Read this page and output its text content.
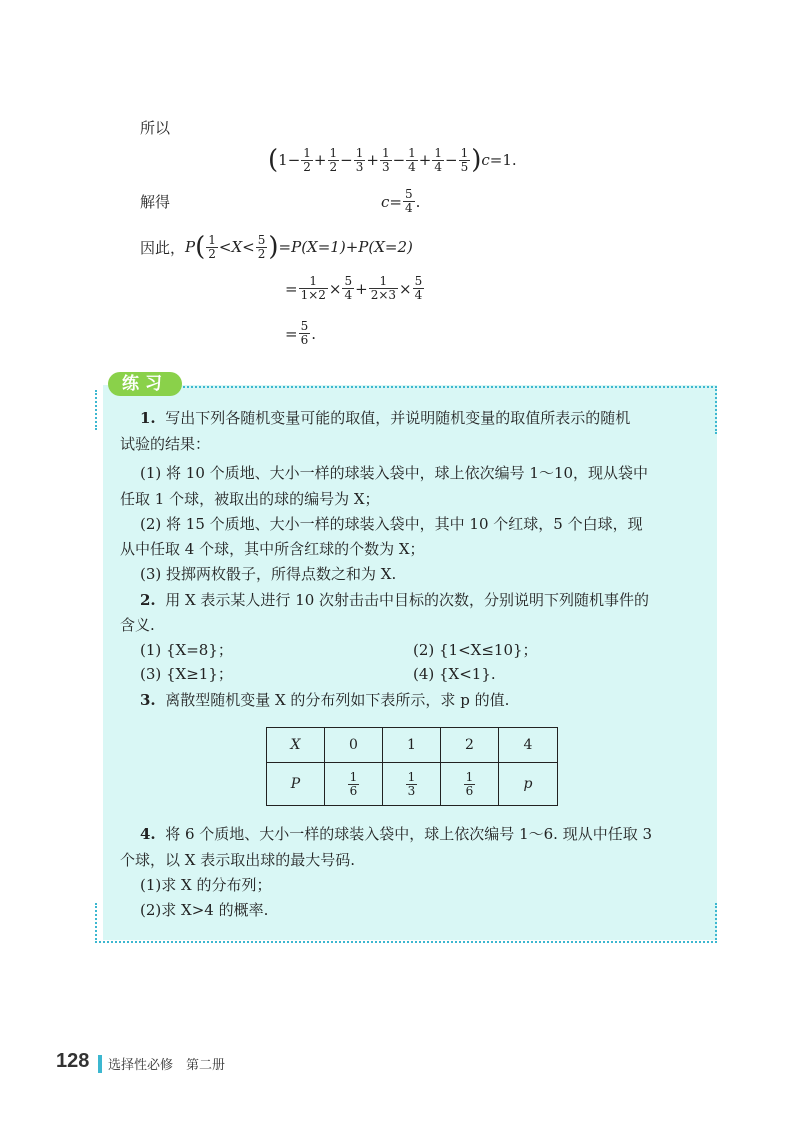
所以
( $1 - \frac{1}{2} + \frac{1}{2} - \frac{1}{3} + \frac{1}{3} - \frac{1}{4} + \frac{1}{4} - \frac{1}{5}$ ) c =1.
解得	$c = \frac{5}{4}$ .
因此， P ( $\frac{1}{2} < X < \frac{5}{2}$ ) =P(X=1)+P(X=2)
= $\frac{1}{1\times 2} \times \frac{5}{4} + \frac{1}{2\times 3} \times \frac{5}{4}$
= $\frac{5}{6}$ .
练习
1. 写出下列各随机变量可能的取值，并说明随机变量的取值所表示的随机
试验的结果：
(1) 将 10 个质地、大小一样的球装入袋中，球上依次编号 1～10，现从袋中
任取 1 个球，被取出的球的编号为 X；
(2) 将 15 个质地、大小一样的球装入袋中，其中 10 个红球，5 个白球，现
从中任取 4 个球，其中所含红球的个数为 X；
(3) 投掷两枚骰子，所得点数之和为 X.
2. 用 X 表示某人进行 10 次射击击中目标的次数，分别说明下列随机事件的
含义.
(1) {X=8}；	(2) {1<X≤10}；
(3) {X≥1}；	(4) {X<1}.
3. 离散型随机变量 X 的分布列如下表所示，求 p 的值.
X	0	1	2	4
P	$\frac{1}{6}$	$\frac{1}{3}$	$\frac{1}{6}$	p
4. 将 6 个质地、大小一样的球装入袋中，球上依次编号 1～6. 现从中任取 3
个球，以 X 表示取出球的最大号码.
(1)求 X 的分布列；
(2)求 X>4 的概率.
128 选择性必修　第二册
